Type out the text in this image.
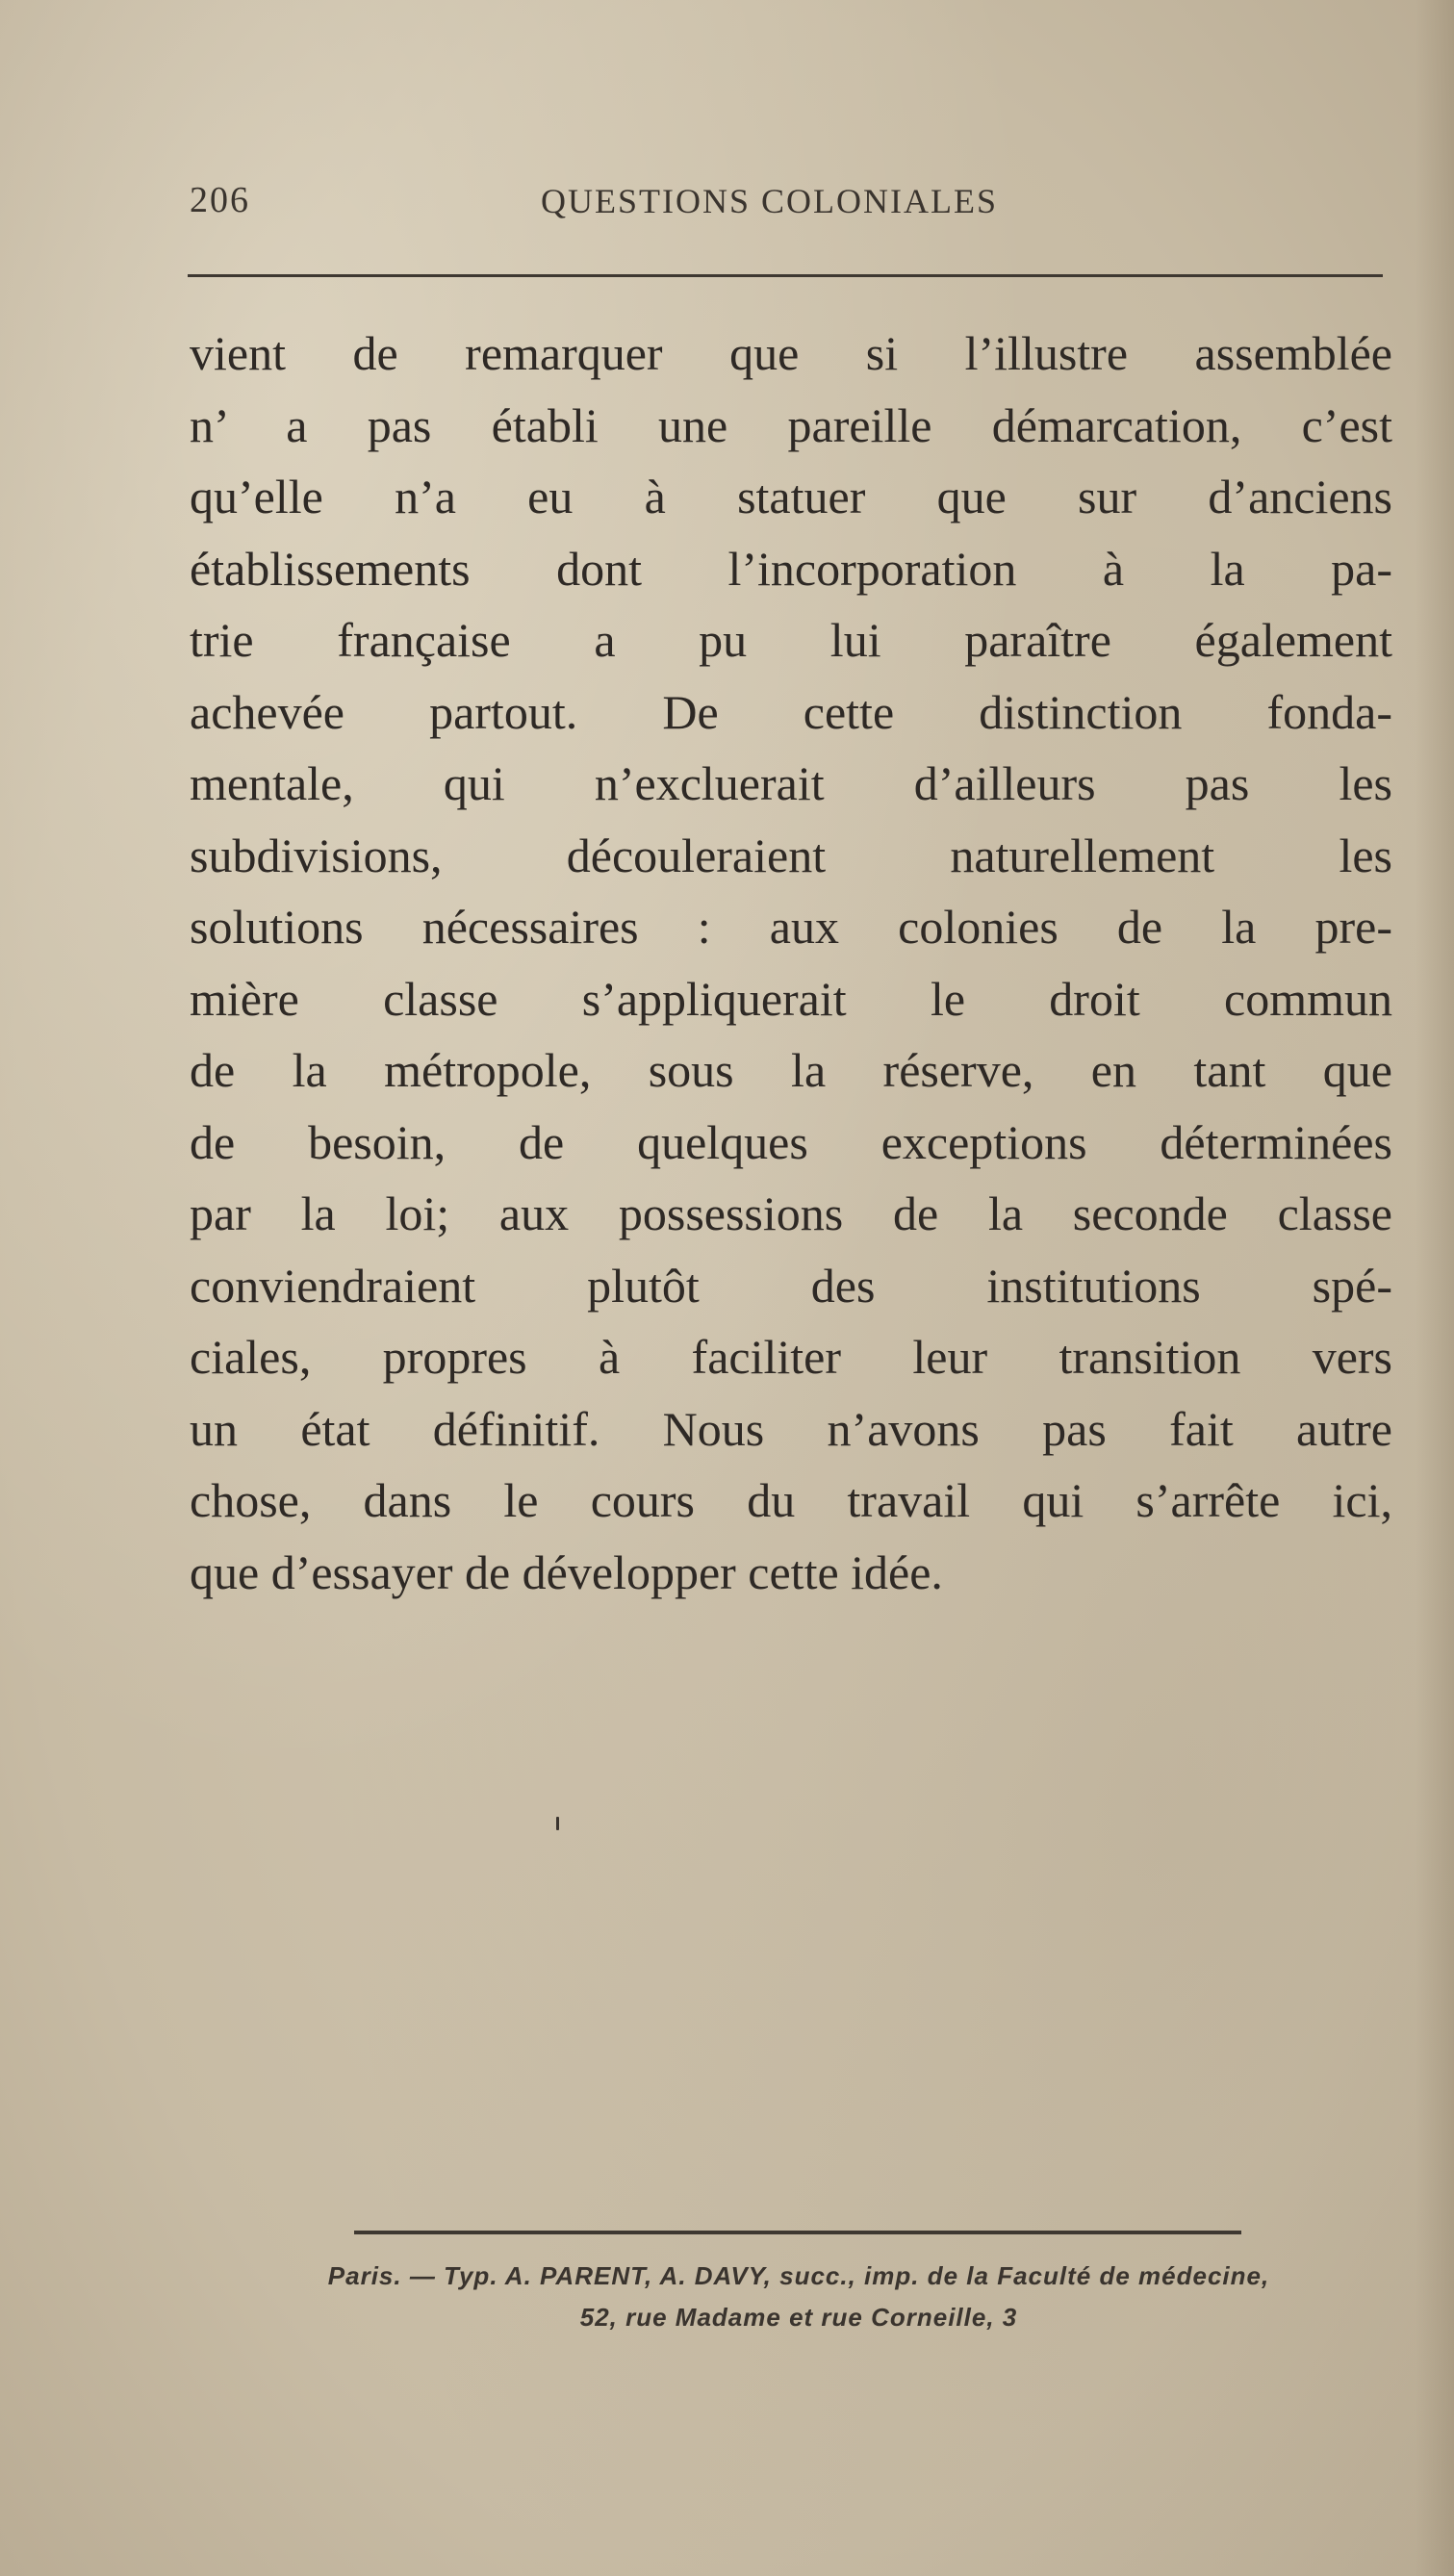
206	QUESTIONS COLONIALES
vient de remarquer que si l’illustre assemblée
n’ a pas établi une pareille démarcation, c’est
qu’elle n’a eu à statuer que sur d’anciens
établissements dont l’incorporation à la pa-
trie française a pu lui paraître également
achevée partout. De cette distinction fonda-
mentale, qui n’excluerait d’ailleurs pas les
subdivisions, découleraient naturellement les
solutions nécessaires : aux colonies de la pre-
mière classe s’appliquerait le droit commun
de la métropole, sous la réserve, en tant que
de besoin, de quelques exceptions déterminées
par la loi; aux possessions de la seconde classe
conviendraient plutôt des institutions spé-
ciales, propres à faciliter leur transition vers
un état définitif. Nous n’avons pas fait autre
chose, dans le cours du travail qui s’arrête ici,
que d’essayer de développer cette idée.
Paris. — Typ. A. PARENT, A. DAVY, succ., imp. de la Faculté de médecine,
52, rue Madame et rue Corneille, 3
